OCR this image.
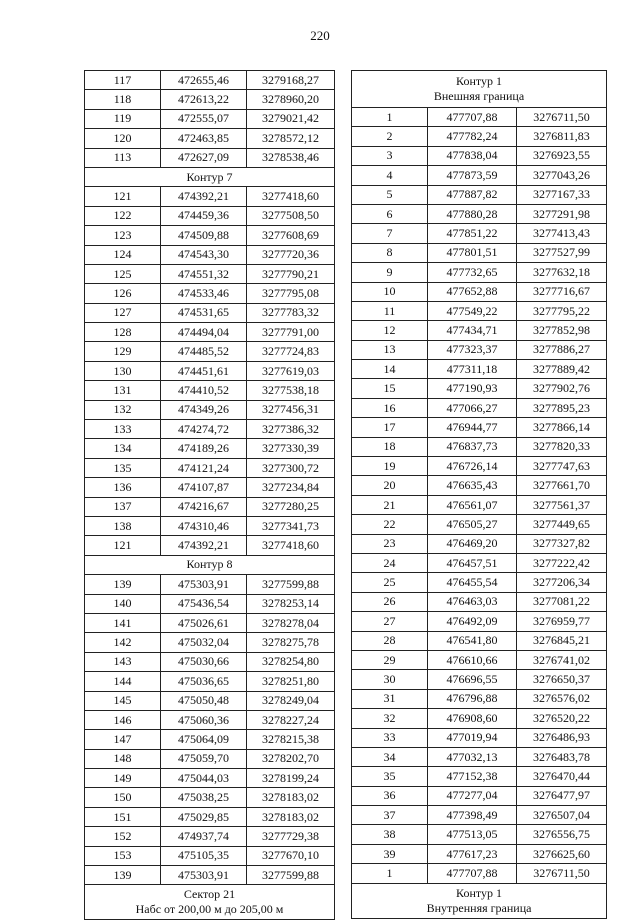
220
117	472655,46	3279168,27
118	472613,22	3278960,20
119	472555,07	3279021,42
120	472463,85	3278572,12
113	472627,09	3278538,46
Контур 7		
121	474392,21	3277418,60
122	474459,36	3277508,50
123	474509,88	3277608,69
124	474543,30	3277720,36
125	474551,32	3277790,21
126	474533,46	3277795,08
127	474531,65	3277783,32
128	474494,04	3277791,00
129	474485,52	3277724,83
130	474451,61	3277619,03
131	474410,52	3277538,18
132	474349,26	3277456,31
133	474274,72	3277386,32
134	474189,26	3277330,39
135	474121,24	3277300,72
136	474107,87	3277234,84
137	474216,67	3277280,25
138	474310,46	3277341,73
121	474392,21	3277418,60
Контур 8		
139	475303,91	3277599,88
140	475436,54	3278253,14
141	475026,61	3278278,04
142	475032,04	3278275,78
143	475030,66	3278254,80
144	475036,65	3278251,80
145	475050,48	3278249,04
146	475060,36	3278227,24
147	475064,09	3278215,38
148	475059,70	3278202,70
149	475044,03	3278199,24
150	475038,25	3278183,02
151	475029,85	3278183,02
152	474937,74	3277729,38
153	475105,35	3277670,10
139	475303,91	3277599,88

Сектор 21
Набс от 200,00 м до 205,00 м		
Контур 1
Внешняя граница		

1	477707,88	3276711,50
2	477782,24	3276811,83
3	477838,04	3276923,55
4	477873,59	3277043,26
5	477887,82	3277167,33
6	477880,28	3277291,98
7	477851,22	3277413,43
8	477801,51	3277527,99
9	477732,65	3277632,18
10	477652,88	3277716,67
11	477549,22	3277795,22
12	477434,71	3277852,98
13	477323,37	3277886,27
14	477311,18	3277889,42
15	477190,93	3277902,76
16	477066,27	3277895,23
17	476944,77	3277866,14
18	476837,73	3277820,33
19	476726,14	3277747,63
20	476635,43	3277661,70
21	476561,07	3277561,37
22	476505,27	3277449,65
23	476469,20	3277327,82
24	476457,51	3277222,42
25	476455,54	3277206,34
26	476463,03	3277081,22
27	476492,09	3276959,77
28	476541,80	3276845,21
29	476610,66	3276741,02
30	476696,55	3276650,37
31	476796,88	3276576,02
32	476908,60	3276520,22
33	477019,94	3276486,93
34	477032,13	3276483,78
35	477152,38	3276470,44
36	477277,04	3276477,97
37	477398,49	3276507,04
38	477513,05	3276556,75
39	477617,23	3276625,60
1	477707,88	3276711,50

Контур 1
Внутренняя граница		
